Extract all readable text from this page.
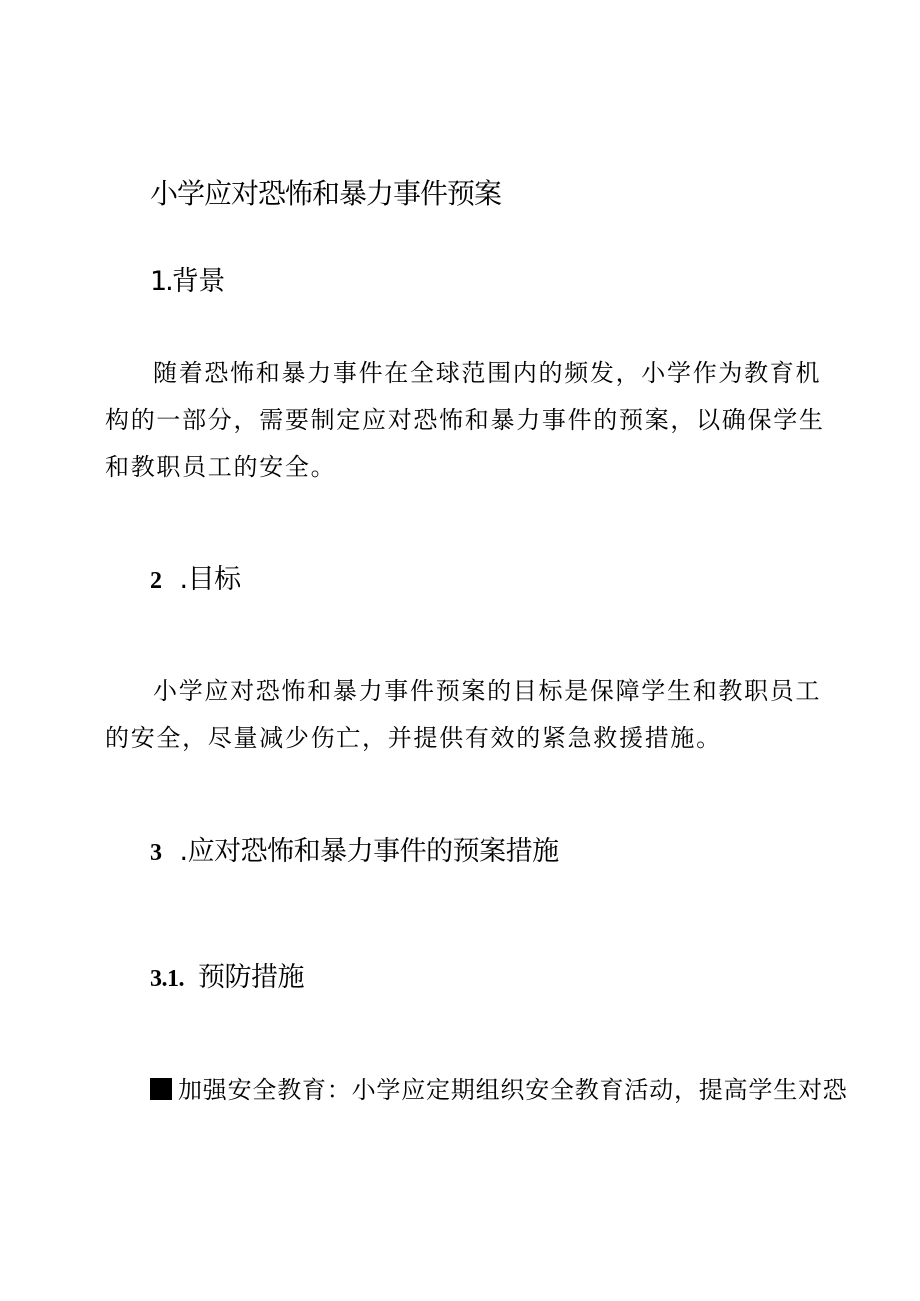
小学应对恐怖和暴力事件预案
1.背景

随着恐怖和暴力事件在全球范围内的频发，小学作为教育机构的一部分，需要制定应对恐怖和暴力事件的预案，以确保学生和教职员工的安全。

2 .目标

小学应对恐怖和暴力事件预案的目标是保障学生和教职员工的安全，尽量减少伤亡，并提供有效的紧急救援措施。

3 .应对恐怖和暴力事件的预案措施
3.1. 预防措施
加强安全教育：小学应定期组织安全教育活动，提高学生对恐
